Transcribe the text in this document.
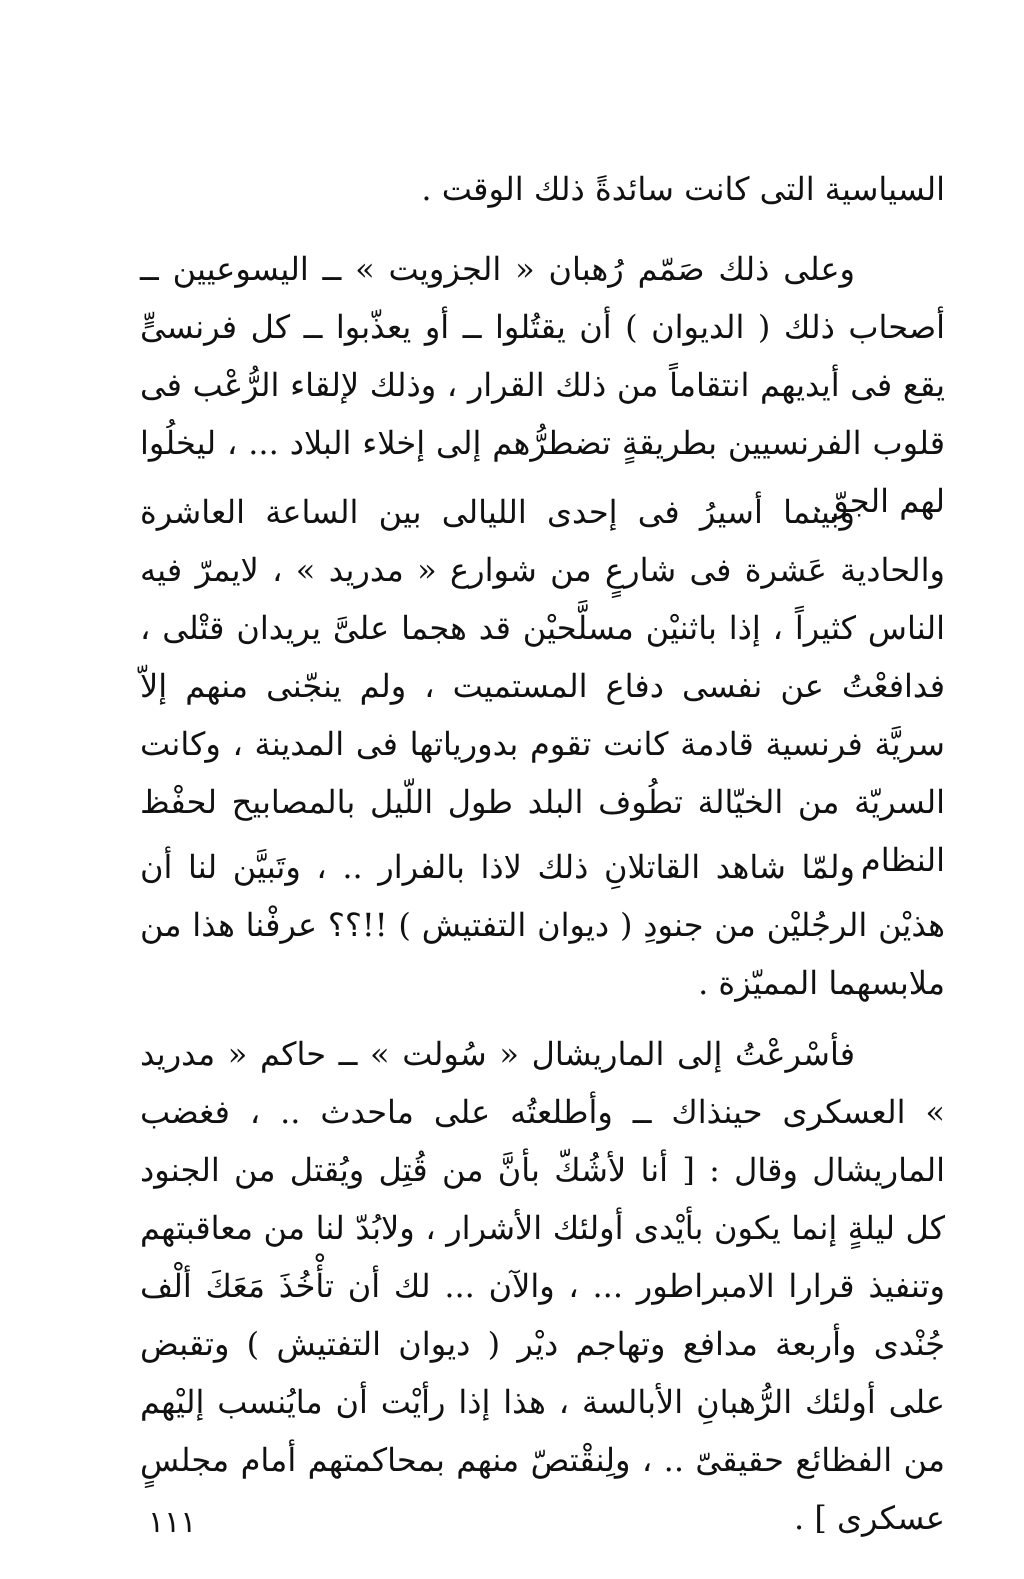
السياسية التى كانت سائدةً ذلك الوقت .

وعلى ذلك صَمّم رُهبان « الجزويت » ــ اليسوعيين ــ أصحاب ذلك ( الديوان ) أن يقتُلوا ــ أو يعذّبوا ــ كل فرنسىٍّ يقع فى أيديهم انتقاماً من ذلك القرار ، وذلك لإلقاء الرُّعْب فى قلوب الفرنسيين بطريقةٍ تضطرُّهم إلى إخلاء البلاد ... ، ليخلُوا لهم الجوّ .

وبينما أسيرُ فى إحدى الليالى بين الساعة العاشرة والحادية عَشرة فى شارعٍ من شوارع « مدريد » ، لايمرّ فيه الناس كثيراً ، إذا باثنيْن مسلَّحيْن قد هجما علىَّ يريدان قتْلى ، فدافعْتُ عن نفسى دفاع المستميت ، ولم ينجّنى منهم إلاّ سريَّة فرنسية قادمة كانت تقوم بدورياتها فى المدينة ، وكانت السريّة من الخيّالة تطُوف البلد طول اللّيل بالمصابيح لحفْظ النظام .

ولمّا شاهد القاتلانِ ذلك لاذا بالفرار .. ، وتَبيَّن لنا أن هذيْن الرجُليْن من جنودِ ( ديوان التفتيش ) !!؟؟ عرفْنا هذا من ملابسهما المميّزة .

فأسْرعْتُ إلى الماريشال « سُولت » ــ حاكم « مدريد » العسكرى حينذاك ــ وأطلعتُه على ماحدث .. ، فغضب الماريشال وقال : [ أنا لأشُكّ بأنَّ من قُتِل ويُقتل من الجنود كل ليلةٍ إنما يكون بأيْدى أولئك الأشرار ، ولابُدّ لنا من معاقبتهم وتنفيذ قرارا الامبراطور ... ، والآن ... لك أن تأْخُذَ مَعَكَ ألْف جُنْدى وأربعة مدافع وتهاجم ديْر ( ديوان التفتيش ) وتقبض على أولئك الرُّهبانِ الأبالسة ، هذا إذا رأيْت أن مايُنسب إليْهم من الفظائع حقيقىّ .. ، ولِنقْتصّ منهم بمحاكمتهم أمام مجلسٍ عسكرى ] .

١١١
